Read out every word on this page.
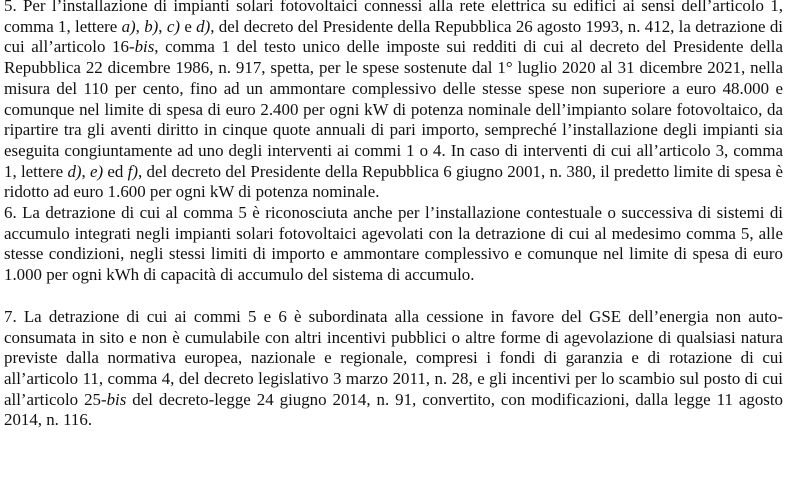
5. Per l’installazione di impianti solari fotovoltaici connessi alla rete elettrica su edifici ai sensi dell’articolo 1, comma 1, lettere a), b), c) e d), del decreto del Presidente della Repubblica 26 agosto 1993, n. 412, la detrazione di cui all’articolo 16-bis, comma 1 del testo unico delle imposte sui redditi di cui al decreto del Presidente della Repubblica 22 dicembre 1986, n. 917, spetta, per le spese sostenute dal 1° luglio 2020 al 31 dicembre 2021, nella misura del 110 per cento, fino ad un ammontare complessivo delle stesse spese non superiore a euro 48.000 e comunque nel limite di spesa di euro 2.400 per ogni kW di potenza nominale dell’impianto solare fotovoltaico, da ripartire tra gli aventi diritto in cinque quote annuali di pari importo, sempreché l’installazione degli impianti sia eseguita congiuntamente ad uno degli interventi ai commi 1 o 4. In caso di interventi di cui all’articolo 3, comma 1, lettere d), e) ed f), del decreto del Presidente della Repubblica 6 giugno 2001, n. 380, il predetto limite di spesa è ridotto ad euro 1.600 per ogni kW di potenza nominale.

6. La detrazione di cui al comma 5 è riconosciuta anche per l’installazione contestuale o successiva di sistemi di accumulo integrati negli impianti solari fotovoltaici agevolati con la detrazione di cui al medesimo comma 5, alle stesse condizioni, negli stessi limiti di importo e ammontare complessivo e comunque nel limite di spesa di euro 1.000 per ogni kWh di capacità di accumulo del sistema di accumulo.

7. La detrazione di cui ai commi 5 e 6 è subordinata alla cessione in favore del GSE dell’energia non auto-consumata in sito e non è cumulabile con altri incentivi pubblici o altre forme di agevolazione di qualsiasi natura previste dalla normativa europea, nazionale e regionale, compresi i fondi di garanzia e di rotazione di cui all’articolo 11, comma 4, del decreto legislativo 3 marzo 2011, n. 28, e gli incentivi per lo scambio sul posto di cui all’articolo 25-bis del decreto-legge 24 giugno 2014, n. 91, convertito, con modificazioni, dalla legge 11 agosto 2014, n. 116.
